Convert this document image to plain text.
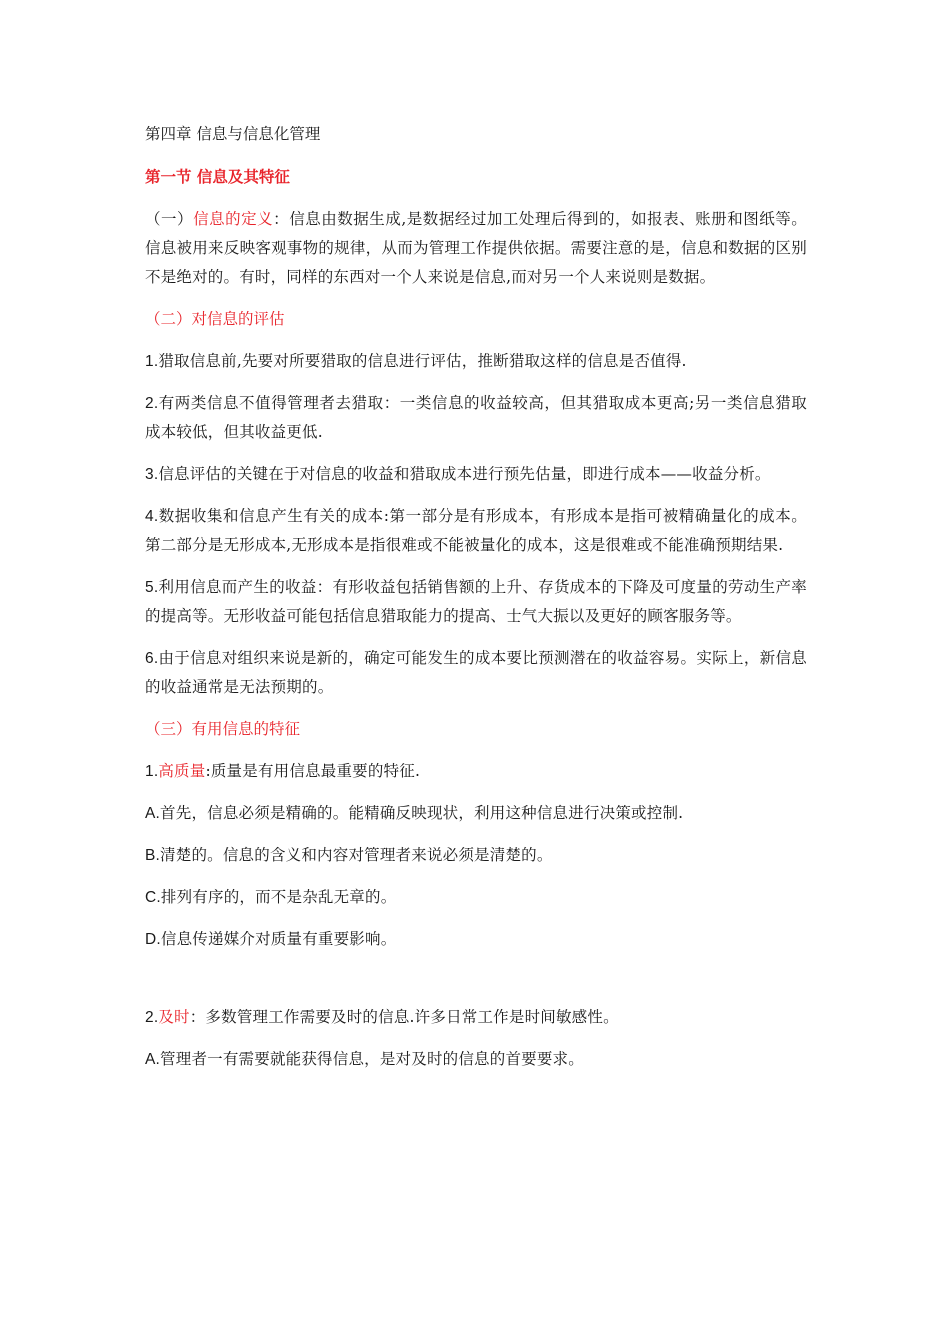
第四章 信息与信息化管理

第一节 信息及其特征

（一）信息的定义：信息由数据生成,是数据经过加工处理后得到的，如报表、账册和图纸等。信息被用来反映客观事物的规律，从而为管理工作提供依据。需要注意的是，信息和数据的区别不是绝对的。有时，同样的东西对一个人来说是信息,而对另一个人来说则是数据。

（二）对信息的评估

1.猎取信息前,先要对所要猎取的信息进行评估，推断猎取这样的信息是否值得.

2.有两类信息不值得管理者去猎取：一类信息的收益较高，但其猎取成本更高;另一类信息猎取成本较低，但其收益更低.

3.信息评估的关键在于对信息的收益和猎取成本进行预先估量，即进行成本——收益分析。

4.数据收集和信息产生有关的成本:第一部分是有形成本，有形成本是指可被精确量化的成本。第二部分是无形成本,无形成本是指很难或不能被量化的成本，这是很难或不能准确预期结果.

5.利用信息而产生的收益：有形收益包括销售额的上升、存货成本的下降及可度量的劳动生产率的提高等。无形收益可能包括信息猎取能力的提高、士气大振以及更好的顾客服务等。

6.由于信息对组织来说是新的，确定可能发生的成本要比预测潜在的收益容易。实际上，新信息的收益通常是无法预期的。

（三）有用信息的特征

1.高质量:质量是有用信息最重要的特征.

A.首先，信息必须是精确的。能精确反映现状，利用这种信息进行决策或控制.

B.清楚的。信息的含义和内容对管理者来说必须是清楚的。

C.排列有序的，而不是杂乱无章的。

D.信息传递媒介对质量有重要影响。

2.及时：多数管理工作需要及时的信息.许多日常工作是时间敏感性。

A.管理者一有需要就能获得信息，是对及时的信息的首要要求。
